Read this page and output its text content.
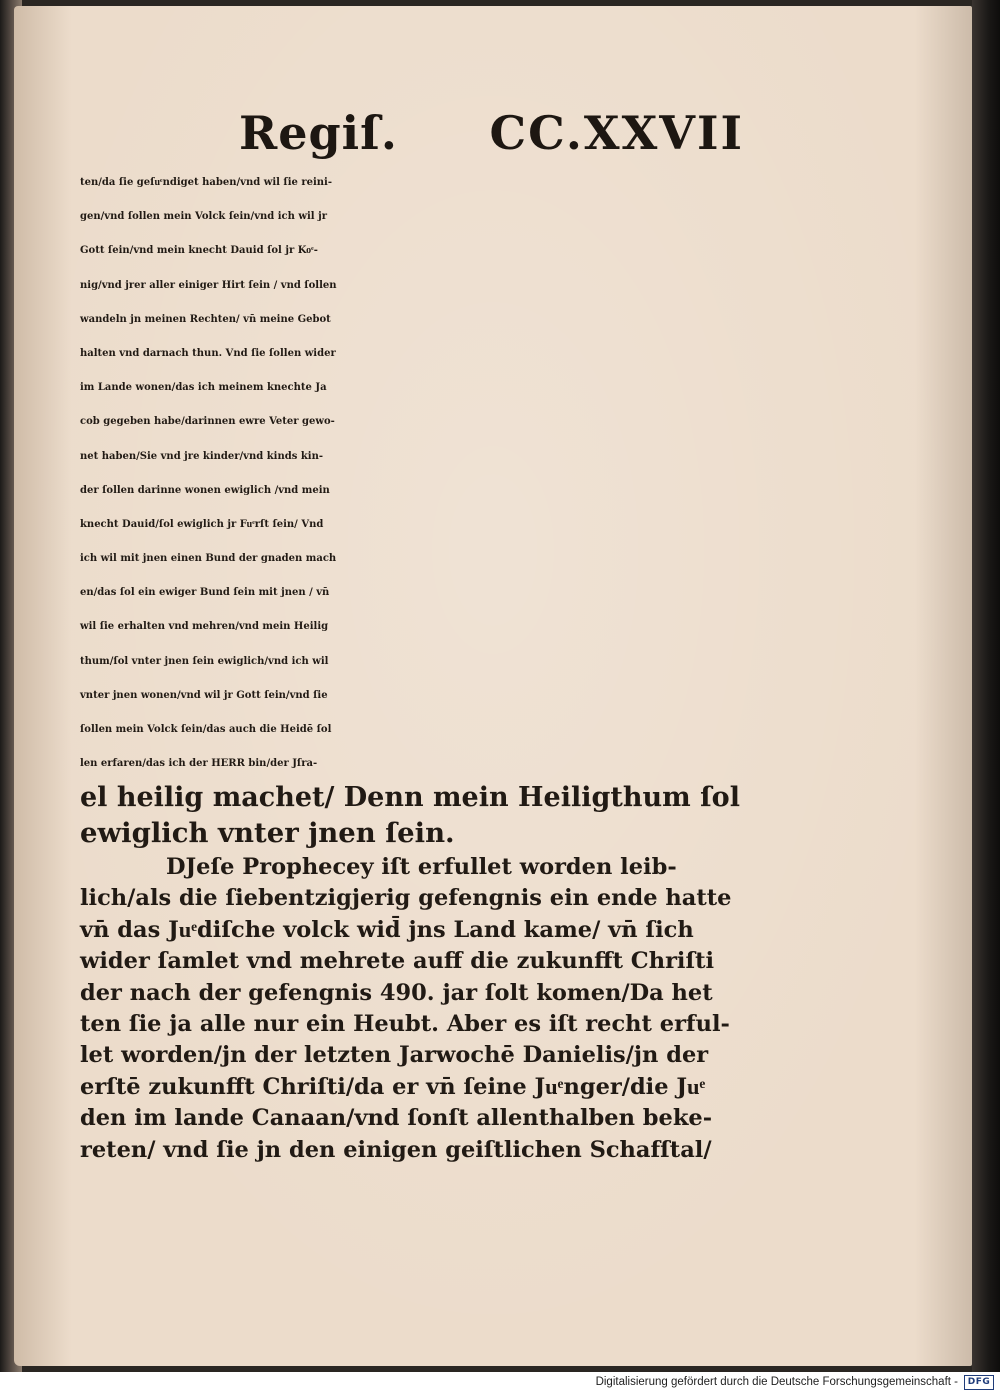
Regiſ. CC.XXVII
ten/da ſie geſuͤndiget haben/vnd wil ſie reini‐
gen/vnd ſollen mein Volck ſein/vnd ich wil jr
Gott ſein/vnd mein knecht Dauid ſol jr Koͤ‐
nig/vnd jrer aller einiger Hirt ſein / vnd ſollen
wandeln jn meinen Rechten/ vn̄ meine Gebot
halten vnd darnach thun. Vnd ſie ſollen wider
im Lande wonen/das ich meinem knechte Ja
cob gegeben habe/darinnen ewre Veter gewo‐
net haben/Sie vnd jre kinder/vnd kinds kin‐
der ſollen darinne wonen ewiglich /vnd mein
knecht Dauid/ſol ewiglich jr Fuͤrſt ſein/ Vnd
ich wil mit jnen einen Bund der gnaden mach
en/das ſol ein ewiger Bund ſein mit jnen / vn̄
wil ſie erhalten vnd mehren/vnd mein Heilig
thum/ſol vnter jnen ſein ewiglich/vnd ich wil
vnter jnen wonen/vnd wil jr Gott ſein/vnd ſie
ſollen mein Volck ſein/das auch die Heidē ſol
len erfaren/das ich der HERR bin/der Jſra‐
el heilig machet/ Denn mein Heiligthum ſol
ewiglich vnter jnen ſein.
DJeſe Prophecey iſt erfullet worden leib‐
lich/als die ſiebentzigjerig gefengnis ein ende hatte
vn̄ das Juͤdiſche volck wid̄ jns Land kame/ vn̄ ſich
wider ſamlet vnd mehrete auff die zukunfft Chriſti
der nach der gefengnis 490. jar ſolt komen/Da het
ten ſie ja alle nur ein Heubt. Aber es iſt recht erful‐
let worden/jn der letzten Jarwochē Danielis/jn der
erſtē zukunfft Chriſti/da er vn̄ ſeine Juͤnger/die Juͤ
den im lande Canaan/vnd ſonſt allenthalben beke‐
reten/ vnd ſie jn den einigen geiſtlichen Schafſtal/
Digitalisierung gefördert durch die Deutsche Forschungsgemeinschaft -	DFG
